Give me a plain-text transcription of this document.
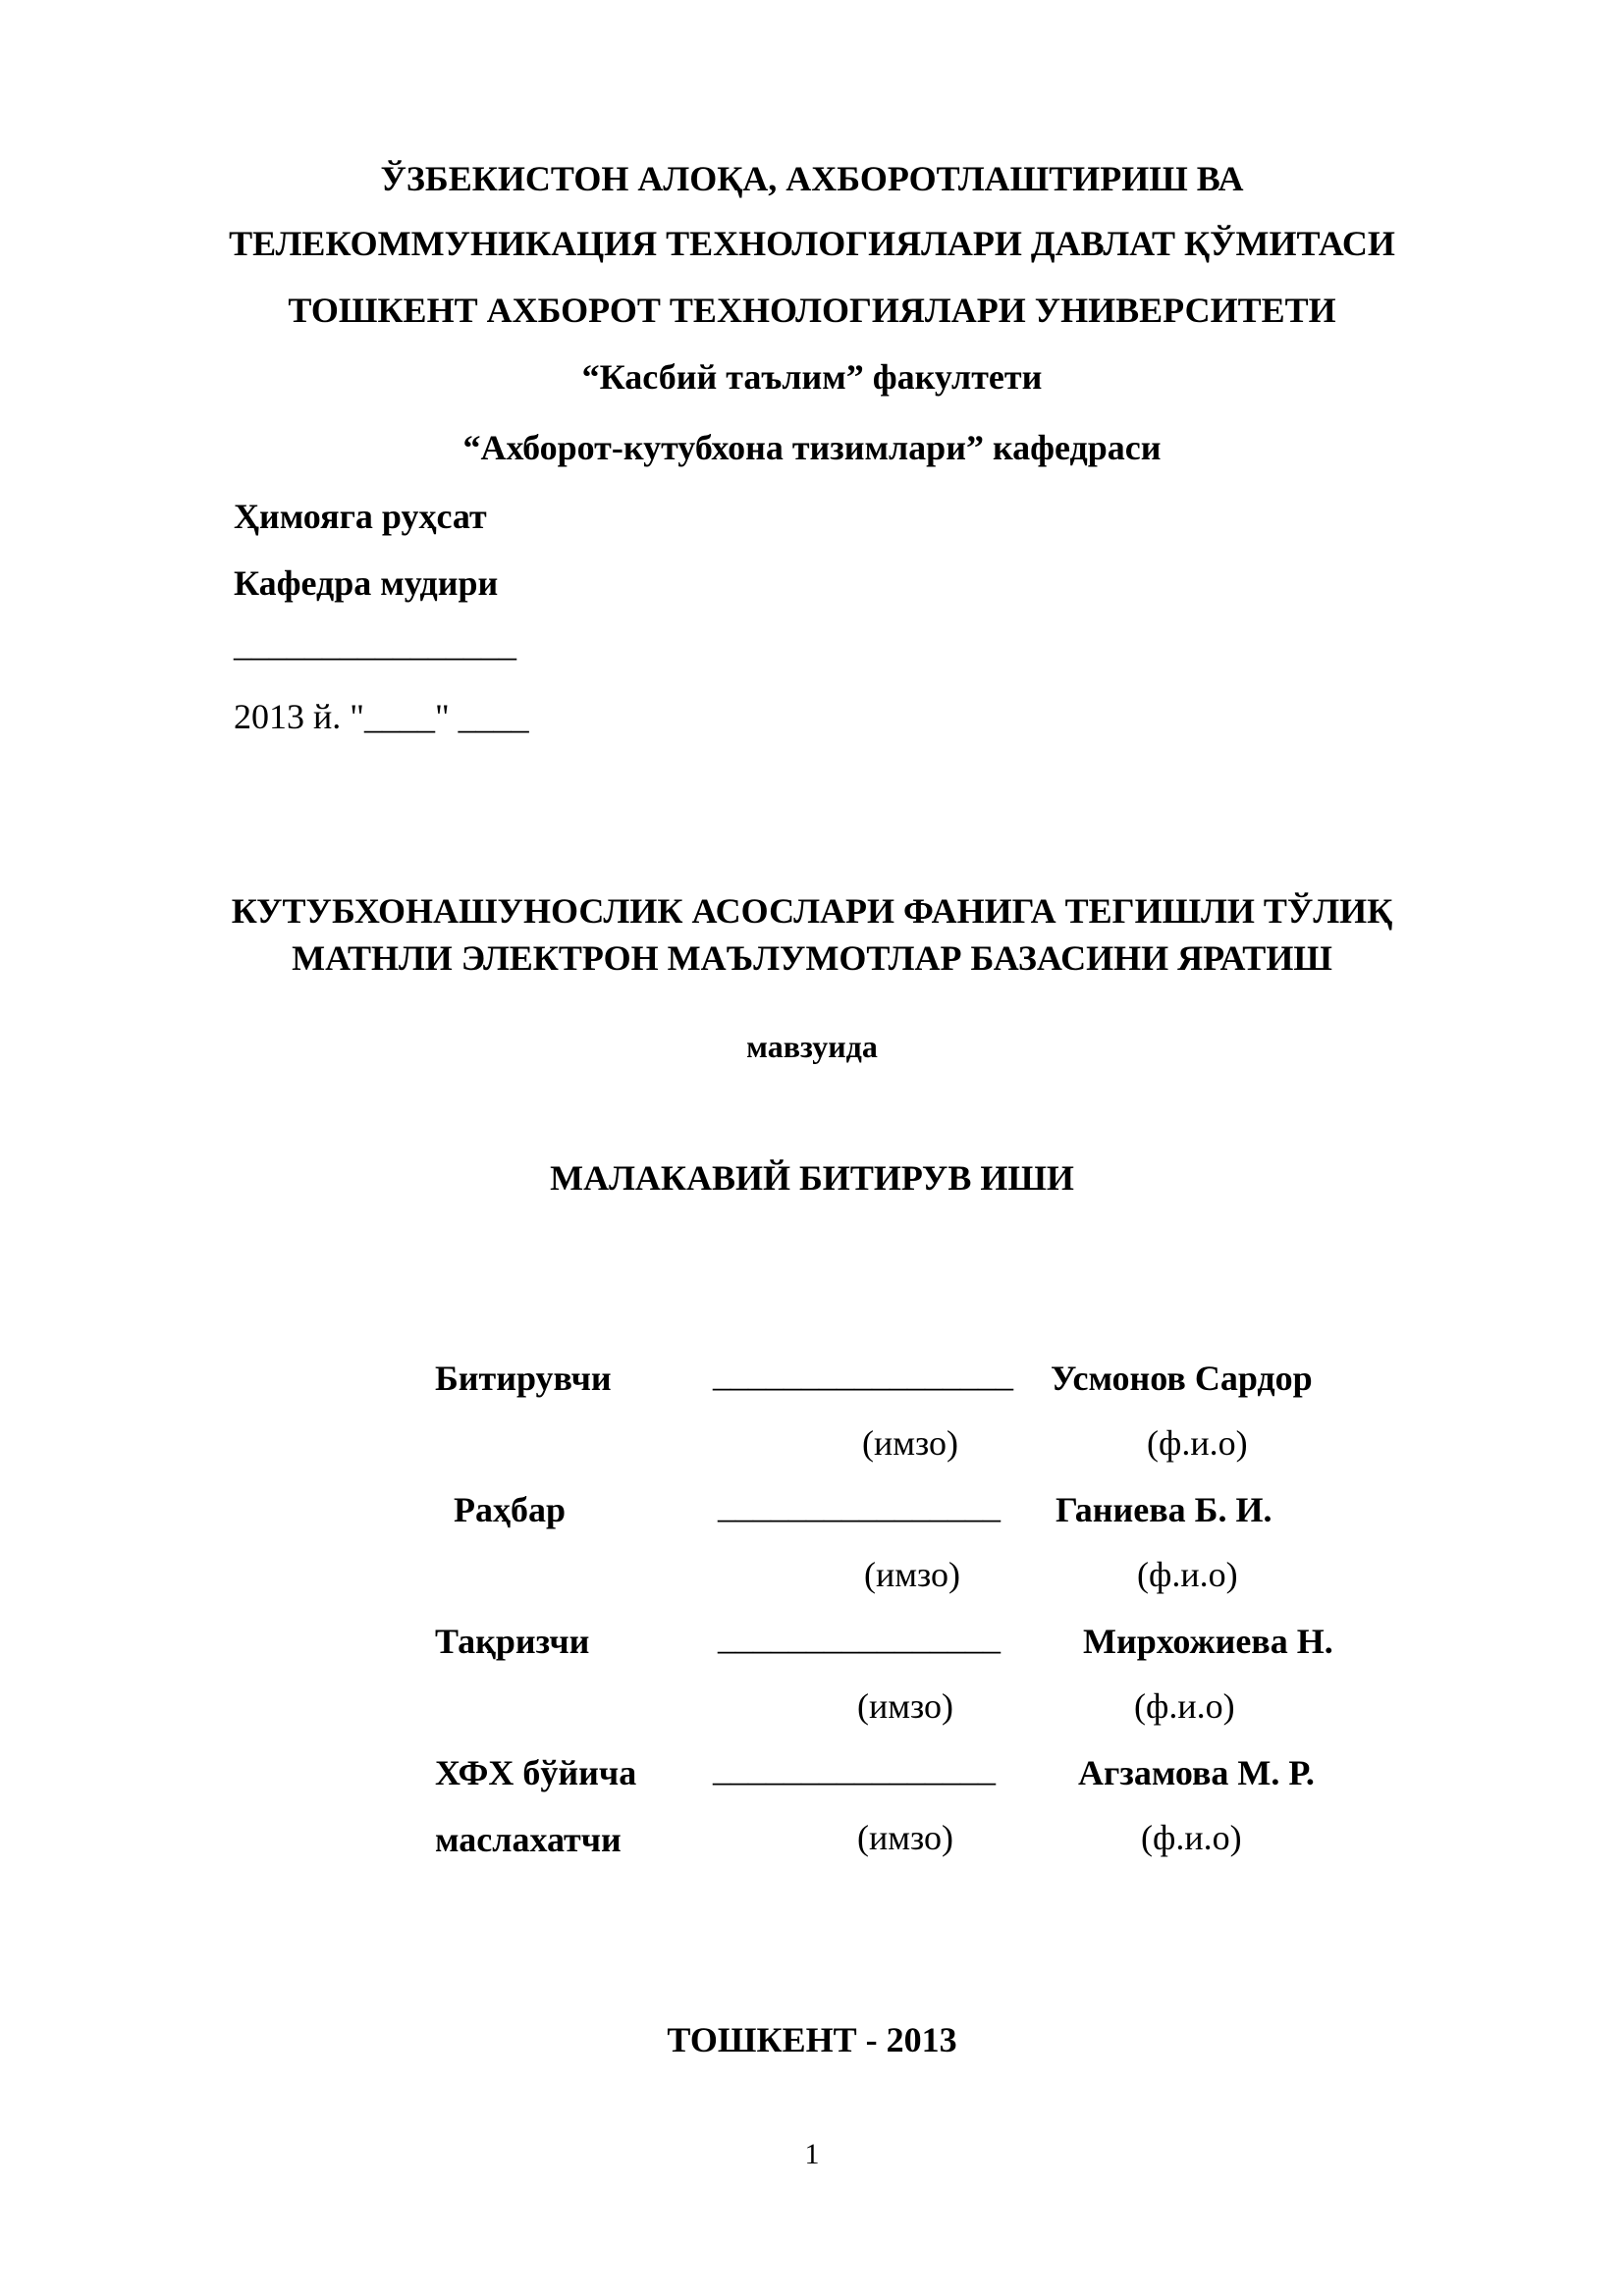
ЎЗБЕКИСТОН АЛОҚА, АХБОРОТЛАШТИРИШ ВА
ТЕЛЕКОММУНИКАЦИЯ ТЕХНОЛОГИЯЛАРИ ДАВЛАТ ҚЎМИТАСИ
ТОШКЕНТ АХБОРОТ ТЕХНОЛОГИЯЛАРИ УНИВЕРСИТЕТИ
“Касбий таълим” факултети
“Ахборот-кутубхона тизимлари” кафедраси
Ҳимояга руҳсат
Кафедра мудири
________________
2013 й. "____" ____
КУТУБХОНАШУНОСЛИК АСОСЛАРИ ФАНИГА ТЕГИШЛИ ТЎЛИҚ
МАТНЛИ ЭЛЕКТРОН МАЪЛУМОТЛАР БАЗАСИНИ ЯРАТИШ
мавзуида
МАЛАКАВИЙ БИТИРУВ ИШИ
Битирувчи	_________________ Усмонов Сардор
(имзо)	(ф.и.о)
Раҳбар	________________ Ганиева Б. И.
(имзо)	(ф.и.о)
Тақризчи	________________ Мирхожиева Н.
(имзо)	(ф.и.о)
ХФХ бўйича ________________ Агзамова М. Р.
маслахатчи	(имзо)	(ф.и.о)
ТОШКЕНТ - 2013
1
